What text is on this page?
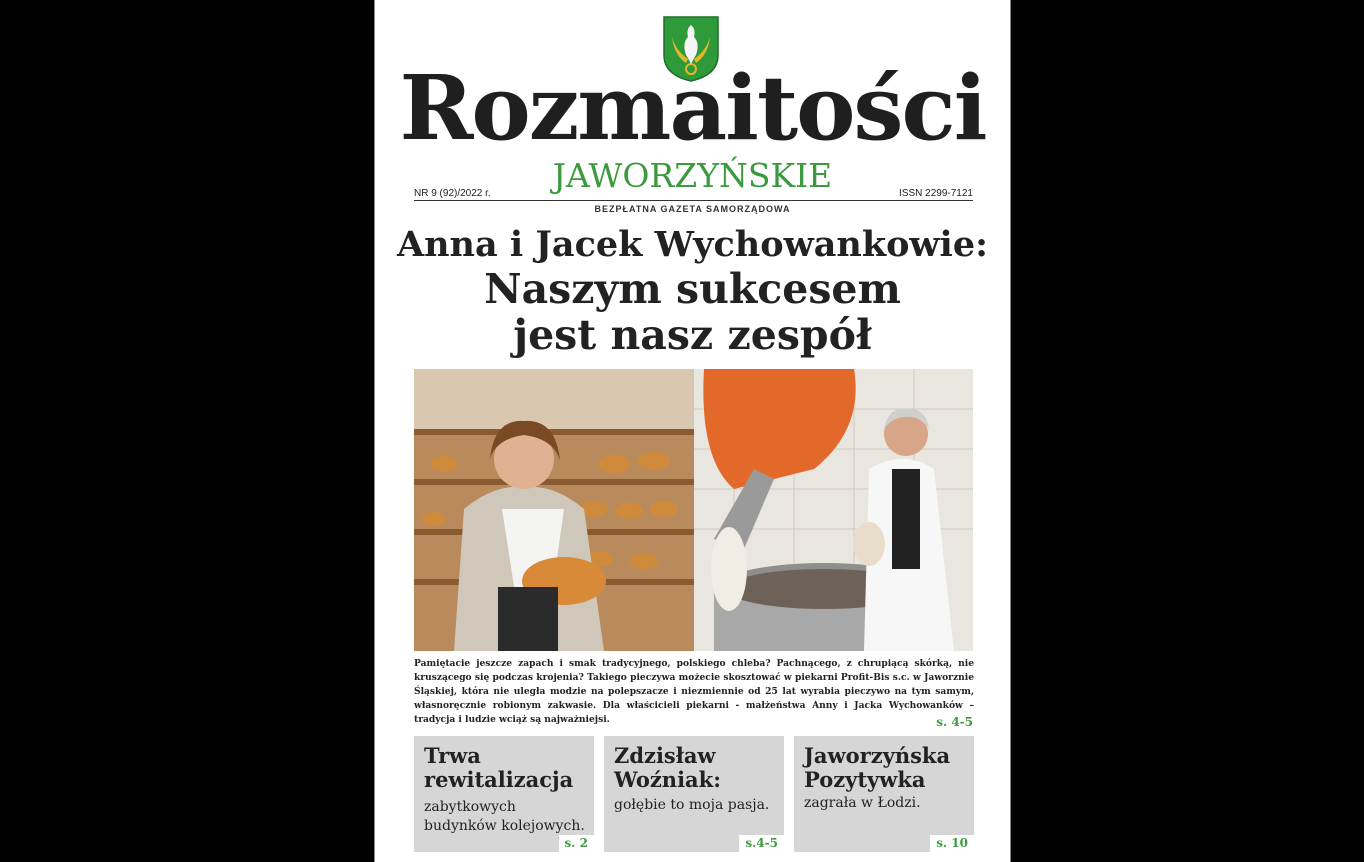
Rozmaitości
JAWORZYŃSKIE
NR 9 (92)/2022 r.	ISSN 2299-7121
BEZPŁATNA GAZETA SAMORZĄDOWA
Anna i Jacek Wychowankowie:
Naszym sukcesem
jest nasz zespół
Pamiętacie jeszcze zapach i smak tradycyjnego, polskiego chleba? Pachnącego, z chrupiącą skórką, nie kruszącego się podczas krojenia? Takiego pieczywa możecie skosztować w piekarni Profit-Bis s.c. w Jaworznie Śląskiej, która nie uległa modzie na polepszacze i niezmiennie od 25 lat wyrabia pieczywo na tym samym, własnoręcznie robionym zakwasie. Dla właścicieli piekarni - małżeństwa Anny i Jacka Wychowanków – tradycja i ludzie wciąż są najważniejsi.	s. 4-5
Trwa rewitalizacja
zabytkowych budynków kolejowych.
s. 2
Zdzisław Woźniak:
gołębie to moja pasja.
s.4-5
Jaworzyńska Pozytywka
zagrała w Łodzi.
s. 10
